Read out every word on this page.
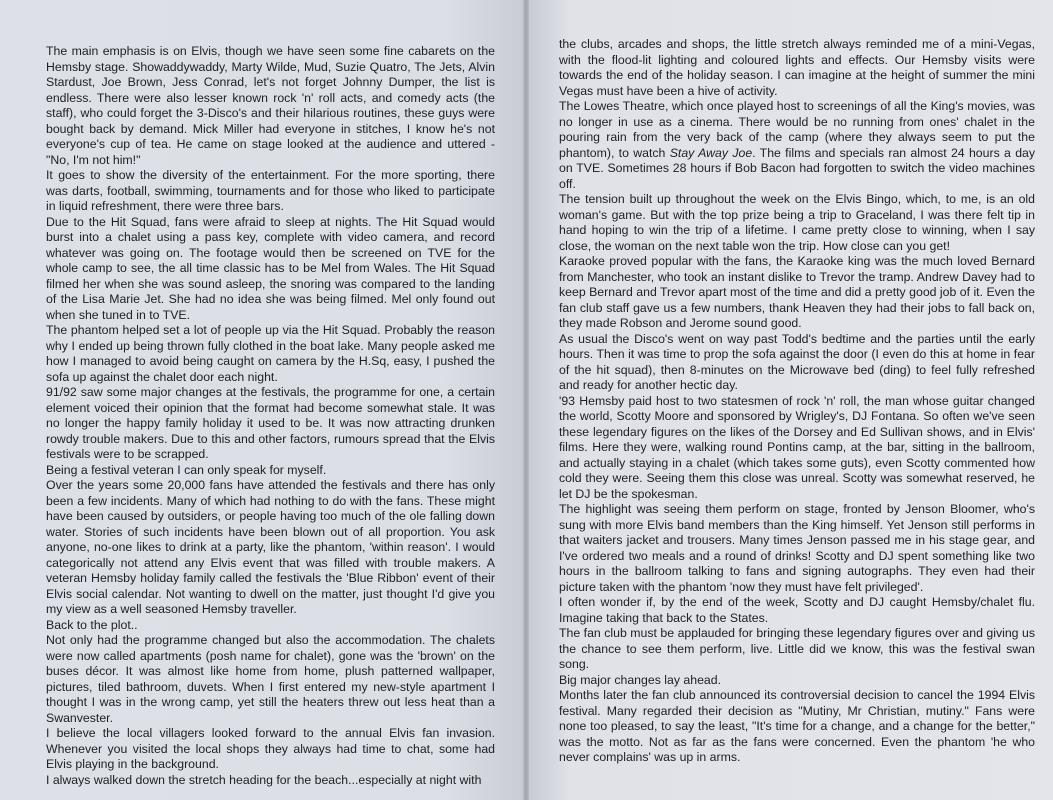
The main emphasis is on Elvis, though we have seen some fine cabarets on the Hemsby stage. Showaddywaddy, Marty Wilde, Mud, Suzie Quatro, The Jets, Alvin Stardust, Joe Brown, Jess Conrad, let's not forget Johnny Dumper, the list is endless. There were also lesser known rock 'n' roll acts, and comedy acts (the staff), who could forget the 3-Disco's and their hilarious routines, these guys were bought back by demand. Mick Miller had everyone in stitches, I know he's not everyone's cup of tea. He came on stage looked at the audience and uttered - "No, I'm not him!"

It goes to show the diversity of the entertainment. For the more sporting, there was darts, football, swimming, tournaments and for those who liked to participate in liquid refreshment, there were three bars.

Due to the Hit Squad, fans were afraid to sleep at nights. The Hit Squad would burst into a chalet using a pass key, complete with video camera, and record whatever was going on. The footage would then be screened on TVE for the whole camp to see, the all time classic has to be Mel from Wales. The Hit Squad filmed her when she was sound asleep, the snoring was compared to the landing of the Lisa Marie Jet. She had no idea she was being filmed. Mel only found out when she tuned in to TVE.

The phantom helped set a lot of people up via the Hit Squad. Probably the reason why I ended up being thrown fully clothed in the boat lake. Many people asked me how I managed to avoid being caught on camera by the H.Sq, easy, I pushed the sofa up against the chalet door each night.

91/92 saw some major changes at the festivals, the programme for one, a certain element voiced their opinion that the format had become somewhat stale. It was no longer the happy family holiday it used to be. It was now attracting drunken rowdy trouble makers. Due to this and other factors, rumours spread that the Elvis festivals were to be scrapped.

Being a festival veteran I can only speak for myself.

Over the years some 20,000 fans have attended the festivals and there has only been a few incidents. Many of which had nothing to do with the fans. These might have been caused by outsiders, or people having too much of the ole falling down water. Stories of such incidents have been blown out of all proportion. You ask anyone, no-one likes to drink at a party, like the phantom, 'within reason'. I would categorically not attend any Elvis event that was filled with trouble makers. A veteran Hemsby holiday family called the festivals the 'Blue Ribbon' event of their Elvis social calendar. Not wanting to dwell on the matter, just thought I'd give you my view as a well seasoned Hemsby traveller.

Back to the plot..

Not only had the programme changed but also the accommodation. The chalets were now called apartments (posh name for chalet), gone was the 'brown' on the buses décor. It was almost like home from home, plush patterned wallpaper, pictures, tiled bathroom, duvets. When I first entered my new-style apartment I thought I was in the wrong camp, yet still the heaters threw out less heat than a Swanvester.

I believe the local villagers looked forward to the annual Elvis fan invasion. Whenever you visited the local shops they always had time to chat, some had Elvis playing in the background.

I always walked down the stretch heading for the beach...especially at night with

the clubs, arcades and shops, the little stretch always reminded me of a mini-Vegas, with the flood-lit lighting and coloured lights and effects. Our Hemsby visits were towards the end of the holiday season. I can imagine at the height of summer the mini Vegas must have been a hive of activity.

The Lowes Theatre, which once played host to screenings of all the King's movies, was no longer in use as a cinema. There would be no running from ones' chalet in the pouring rain from the very back of the camp (where they always seem to put the phantom), to watch Stay Away Joe. The films and specials ran almost 24 hours a day on TVE. Sometimes 28 hours if Bob Bacon had forgotten to switch the video machines off.

The tension built up throughout the week on the Elvis Bingo, which, to me, is an old woman's game. But with the top prize being a trip to Graceland, I was there felt tip in hand hoping to win the trip of a lifetime. I came pretty close to winning, when I say close, the woman on the next table won the trip. How close can you get!

Karaoke proved popular with the fans, the Karaoke king was the much loved Bernard from Manchester, who took an instant dislike to Trevor the tramp. Andrew Davey had to keep Bernard and Trevor apart most of the time and did a pretty good job of it. Even the fan club staff gave us a few numbers, thank Heaven they had their jobs to fall back on, they made Robson and Jerome sound good.

As usual the Disco's went on way past Todd's bedtime and the parties until the early hours. Then it was time to prop the sofa against the door (I even do this at home in fear of the hit squad), then 8-minutes on the Microwave bed (ding) to feel fully refreshed and ready for another hectic day.

'93 Hemsby paid host to two statesmen of rock 'n' roll, the man whose guitar changed the world, Scotty Moore and sponsored by Wrigley's, DJ Fontana. So often we've seen these legendary figures on the likes of the Dorsey and Ed Sullivan shows, and in Elvis' films. Here they were, walking round Pontins camp, at the bar, sitting in the ballroom, and actually staying in a chalet (which takes some guts), even Scotty commented how cold they were. Seeing them this close was unreal. Scotty was somewhat reserved, he let DJ be the spokesman.

The highlight was seeing them perform on stage, fronted by Jenson Bloomer, who's sung with more Elvis band members than the King himself. Yet Jenson still performs in that waiters jacket and trousers. Many times Jenson passed me in his stage gear, and I've ordered two meals and a round of drinks! Scotty and DJ spent something like two hours in the ballroom talking to fans and signing autographs. They even had their picture taken with the phantom 'now they must have felt privileged'.

I often wonder if, by the end of the week, Scotty and DJ caught Hemsby/chalet flu. Imagine taking that back to the States.

The fan club must be applauded for bringing these legendary figures over and giving us the chance to see them perform, live. Little did we know, this was the festival swan song.

Big major changes lay ahead.

Months later the fan club announced its controversial decision to cancel the 1994 Elvis festival. Many regarded their decision as "Mutiny, Mr Christian, mutiny." Fans were none too pleased, to say the least, "It's time for a change, and a change for the better," was the motto. Not as far as the fans were concerned. Even the phantom 'he who never complains' was up in arms.
